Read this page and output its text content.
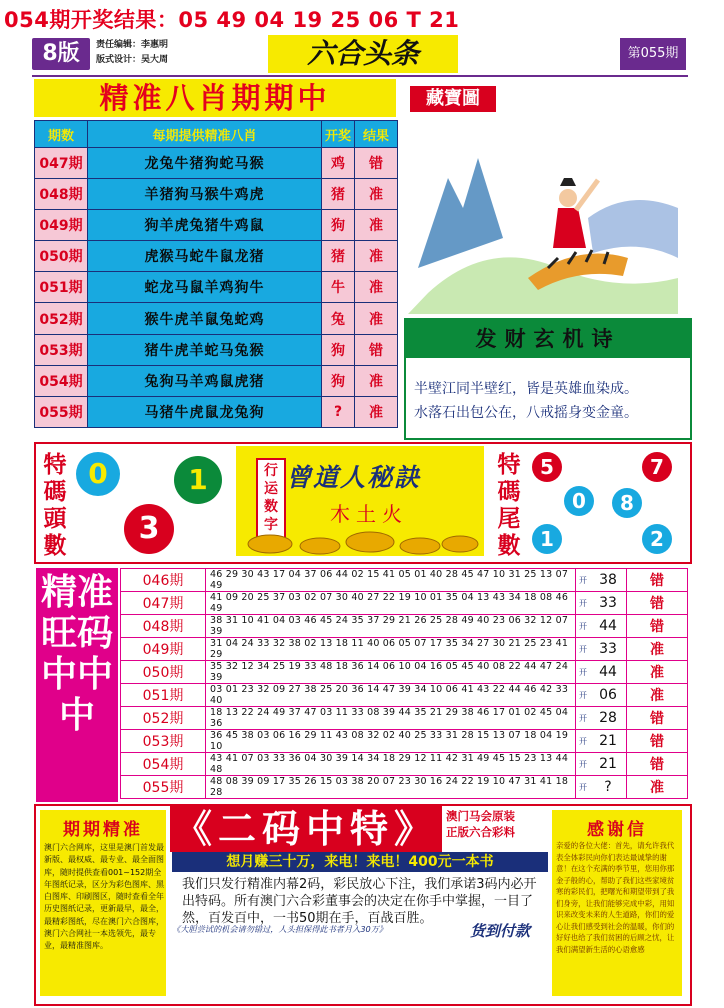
054期开奖结果：05 49 04 19 25 06 T 21
8版	责任编辑：李惠明
版式设计：吴大周	六合头条	第055期
精准八肖期期中
期数	每期提供精准八肖	开奖	结果
047期	龙兔牛猪狗蛇马猴	鸡	错
048期	羊猪狗马猴牛鸡虎	猪	准
049期	狗羊虎兔猪牛鸡鼠	狗	准
050期	虎猴马蛇牛鼠龙猪	猪	准
051期	蛇龙马鼠羊鸡狗牛	牛	准
052期	猴牛虎羊鼠兔蛇鸡	兔	准
053期	猪牛虎羊蛇马兔猴	狗	错
054期	兔狗马羊鸡鼠虎猪	狗	准
055期	马猪牛虎鼠龙兔狗	?	准
藏寶圖
发财玄机诗
半壁江同半壁红，皆是英雄血染成。
水落石出包公在，八戒摇身变金童。
特碼頭數
0	1
3
行运数字
曾道人秘訣
木土火
特碼尾數
5	7
0	8
1	2
精准旺码中中中
046期	46 29 30 43 17 04 37 06 44 02 15 41 05 01 40 28 45 47 10 31 25 13 07 49	开	38	错
047期	41 09 20 25 37 03 02 07 30 40 27 22 19 10 01 35 04 13 43 34 18 08 46 49	开	33	错
048期	38 31 10 41 04 03 46 45 24 35 37 29 21 26 25 28 49 40 23 06 32 12 07 39	开	44	错
049期	31 04 24 33 32 38 02 13 18 11 40 06 05 07 17 35 34 27 30 21 25 23 41 29	开	33	准
050期	35 32 12 34 25 19 33 48 18 36 14 06 10 04 16 05 45 40 08 22 44 47 24 39	开	44	准
051期	03 01 23 32 09 27 38 25 20 36 14 47 39 34 10 06 41 43 22 44 46 42 33 40	开	06	准
052期	18 13 22 24 49 37 47 03 11 33 08 39 44 35 21 29 38 46 17 01 02 45 04 36	开	28	错
053期	36 45 38 03 06 16 29 11 43 08 32 02 40 25 33 31 28 15 13 07 18 04 19 10	开	21	错
054期	43 41 07 03 33 36 04 30 39 14 34 18 29 12 11 42 31 49 45 15 23 13 44 48	开	21	错
055期	48 08 39 09 17 35 26 15 03 38 20 07 23 30 16 24 22 19 10 47 31 41 18 28	开	?	准
期期精准
澳门六合网库，这里是澳门首发最新版、最权威、最专业、最全面图库，随时提供查看001~152期全年图纸记录，区分为彩色图库、黑白图库、印刷图区，随时查看全年历史图纸记录，更新最早，最全，最精彩图纸，尽在澳门六合图库，澳门六合网社一本选领先，最专业，最精准图库。
《二码中特》 澳门马会原装
正版六合彩料
想月赚三十万，来电！来电！400元一本书
我们只发行精准内幕2码，彩民放心下注，我们承诺3码内必开出特码。所有澳门六合彩董事会的决定在你手中掌握，一目了然，百发百中，一书50期在手，百战百胜。
《大胆尝试的机会请勿错过，人头担保得此书者月入30万》	货到付款
感谢信
亲爱的各位大佬：首先，请允许我代表全体彩民向你们表达最诚挚的谢意！在这个充满的季节里，您用你那金子般的心，帮助了我们这些家境贫寒的彩民们，把曙光和期望带到了我们身旁，让我们能够完成中彩，用知识来改变未来的人生道路，你们的爱心让我们感受到社会的温暖，你们的好好也给了我们贫困的后顾之忧，让我们满望新生活的心语愈感
